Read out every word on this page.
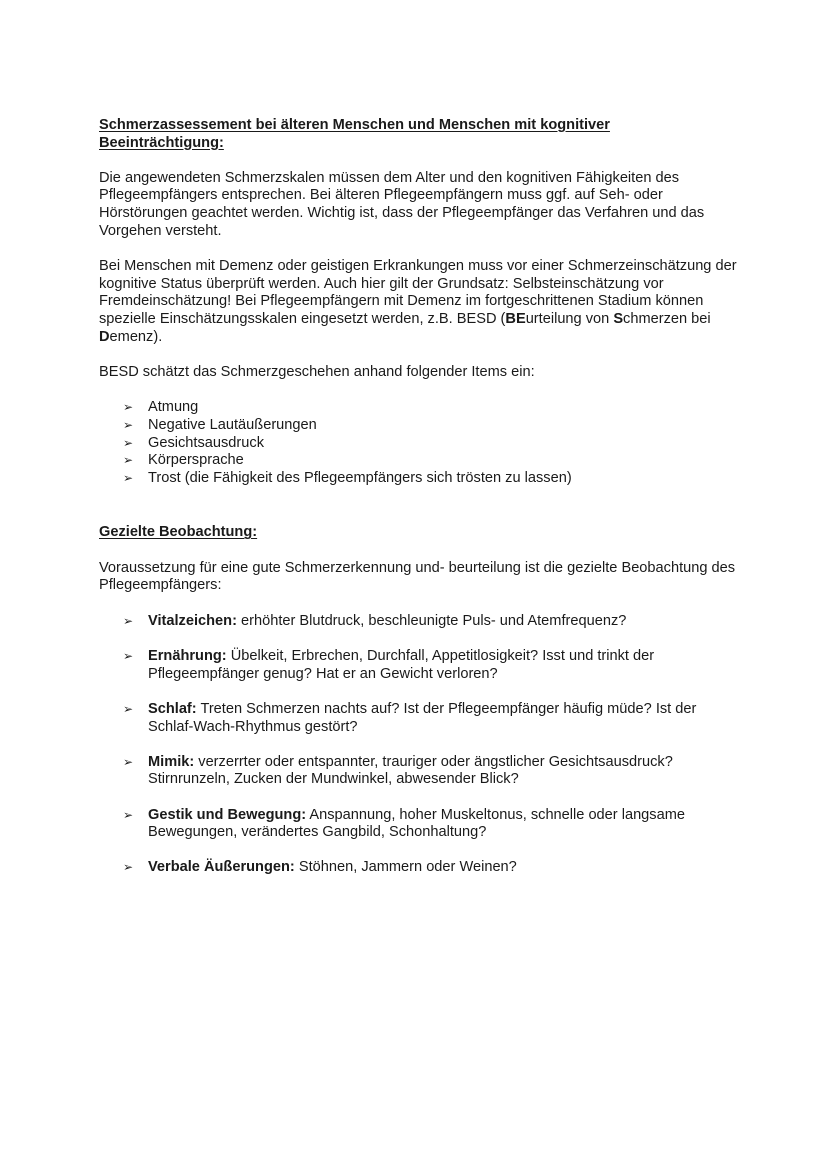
Schmerzassessement bei älteren Menschen und Menschen mit kognitiver
Beeinträchtigung:

Die angewendeten Schmerzskalen müssen dem Alter und den kognitiven Fähigkeiten des Pflegeempfängers entsprechen. Bei älteren Pflegeempfängern muss ggf. auf Seh- oder Hörstörungen geachtet werden. Wichtig ist, dass der Pflegeempfänger das Verfahren und das Vorgehen versteht.

Bei Menschen mit Demenz oder geistigen Erkrankungen muss vor einer Schmerzeinschätzung der kognitive Status überprüft werden. Auch hier gilt der Grundsatz: Selbsteinschätzung vor Fremdeinschätzung! Bei Pflegeempfängern mit Demenz im fortgeschrittenen Stadium können spezielle Einschätzungsskalen eingesetzt werden, z.B. BESD (BEurteilung von Schmerzen bei Demenz).

BESD schätzt das Schmerzgeschehen anhand folgender Items ein:

➢ Atmung
➢ Negative Lautäußerungen
➢ Gesichtsausdruck
➢ Körpersprache
➢ Trost (die Fähigkeit des Pflegeempfängers sich trösten zu lassen)
Gezielte Beobachtung:

Voraussetzung für eine gute Schmerzerkennung und- beurteilung ist die gezielte Beobachtung des Pflegeempfängers:

➢ Vitalzeichen: erhöhter Blutdruck, beschleunigte Puls- und Atemfrequenz?
➢ Ernährung: Übelkeit, Erbrechen, Durchfall, Appetitlosigkeit? Isst und trinkt der Pflegeempfänger genug? Hat er an Gewicht verloren?
➢ Schlaf: Treten Schmerzen nachts auf? Ist der Pflegeempfänger häufig müde? Ist der Schlaf-Wach-Rhythmus gestört?
➢ Mimik: verzerrter oder entspannter, trauriger oder ängstlicher Gesichtsausdruck? Stirnrunzeln, Zucken der Mundwinkel, abwesender Blick?
➢ Gestik und Bewegung: Anspannung, hoher Muskeltonus, schnelle oder langsame Bewegungen, verändertes Gangbild, Schonhaltung?
➢ Verbale Äußerungen: Stöhnen, Jammern oder Weinen?
